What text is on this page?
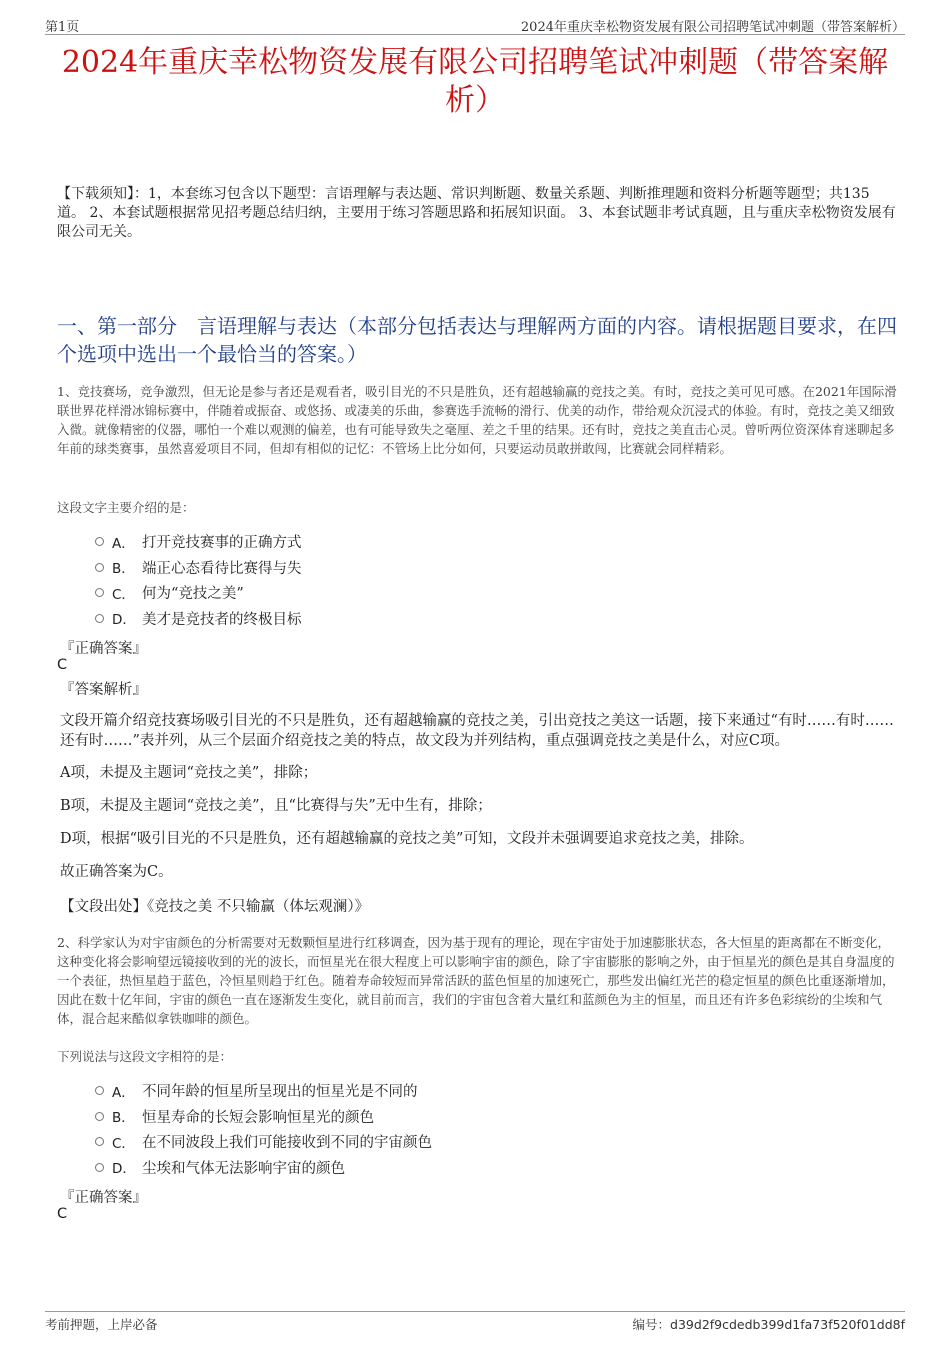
第1页	2024年重庆幸松物资发展有限公司招聘笔试冲刺题（带答案解析）
2024年重庆幸松物资发展有限公司招聘笔试冲刺题（带答案解析）
【下载须知】：1，本套练习包含以下题型：言语理解与表达题、常识判断题、数量关系题、判断推理题和资料分析题等题型；共135道。 2、本套试题根据常见招考题总结归纳，主要用于练习答题思路和拓展知识面。 3、本套试题非考试真题，且与重庆幸松物资发展有限公司无关。
一、第一部分　言语理解与表达（本部分包括表达与理解两方面的内容。请根据题目要求，在四个选项中选出一个最恰当的答案。）
1、竞技赛场，竞争激烈，但无论是参与者还是观看者，吸引目光的不只是胜负，还有超越输赢的竞技之美。有时，竞技之美可见可感。在2021年国际滑联世界花样滑冰锦标赛中，伴随着或振奋、或悠扬、或凄美的乐曲，参赛选手流畅的滑行、优美的动作，带给观众沉浸式的体验。有时，竞技之美又细致入微。就像精密的仪器，哪怕一个难以观测的偏差，也有可能导致失之毫厘、差之千里的结果。还有时，竞技之美直击心灵。曾听两位资深体育迷聊起多年前的球类赛事，虽然喜爱项目不同，但却有相似的记忆：不管场上比分如何，只要运动员敢拼敢闯，比赛就会同样精彩。
这段文字主要介绍的是：
A． 打开竞技赛事的正确方式
B． 端正心态看待比赛得与失
C． 何为“竞技之美”
D． 美才是竞技者的终极目标
『正确答案』
C
『答案解析』
文段开篇介绍竞技赛场吸引目光的不只是胜负，还有超越输赢的竞技之美，引出竞技之美这一话题，接下来通过“有时……有时……还有时……”表并列，从三个层面介绍竞技之美的特点，故文段为并列结构，重点强调竞技之美是什么，对应C项。
A项，未提及主题词“竞技之美”，排除；
B项，未提及主题词“竞技之美”，且“比赛得与失”无中生有，排除；
D项，根据“吸引目光的不只是胜负，还有超越输赢的竞技之美”可知，文段并未强调要追求竞技之美，排除。
故正确答案为C。
【文段出处】《竞技之美 不只输赢（体坛观澜）》
2、科学家认为对宇宙颜色的分析需要对无数颗恒星进行红移调查，因为基于现有的理论，现在宇宙处于加速膨胀状态，各大恒星的距离都在不断变化，这种变化将会影响望远镜接收到的光的波长，而恒星光在很大程度上可以影响宇宙的颜色，除了宇宙膨胀的影响之外，由于恒星光的颜色是其自身温度的一个表征，热恒星趋于蓝色，冷恒星则趋于红色。随着寿命较短而异常活跃的蓝色恒星的加速死亡，那些发出偏红光芒的稳定恒星的颜色比重逐渐增加，因此在数十亿年间，宇宙的颜色一直在逐渐发生变化，就目前而言，我们的宇宙包含着大量红和蓝颜色为主的恒星，而且还有许多色彩缤纷的尘埃和气体，混合起来酷似拿铁咖啡的颜色。
下列说法与这段文字相符的是：
A． 不同年龄的恒星所呈现出的恒星光是不同的
B． 恒星寿命的长短会影响恒星光的颜色
C． 在不同波段上我们可能接收到不同的宇宙颜色
D． 尘埃和气体无法影响宇宙的颜色
『正确答案』
C
考前押题，上岸必备	编号：d39d2f9cdedb399d1fa73f520f01dd8f
